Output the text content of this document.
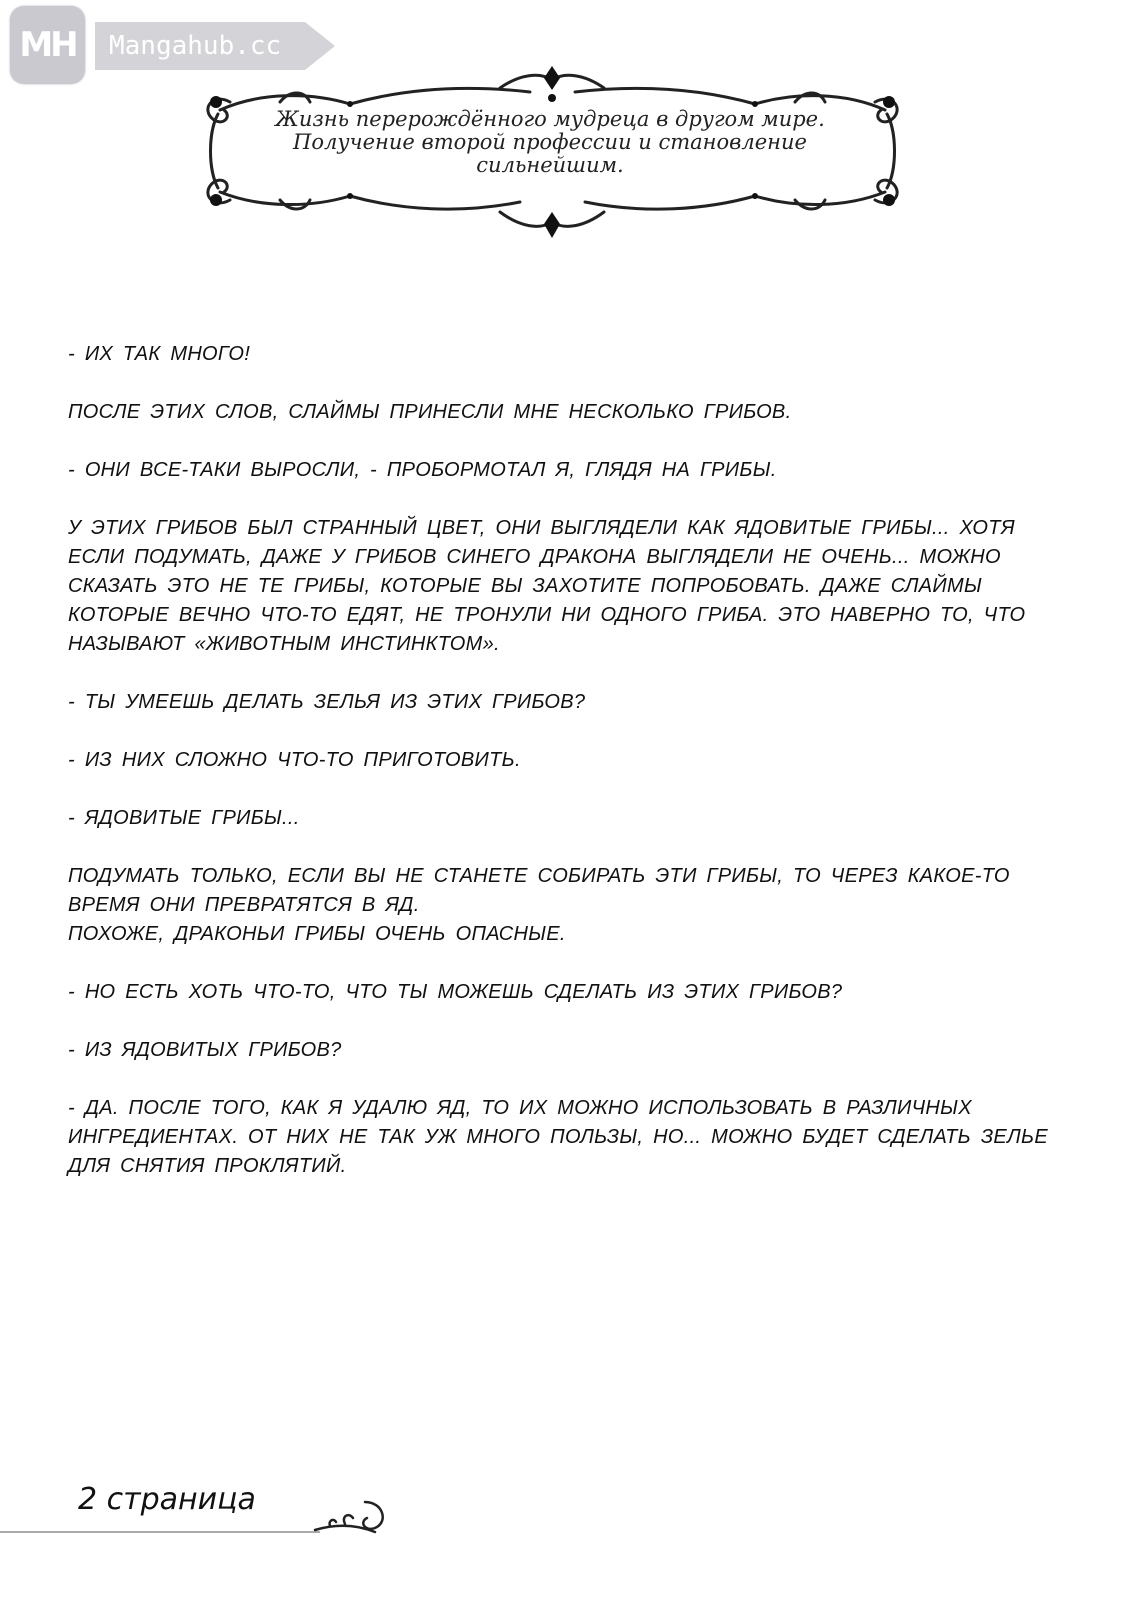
MH	Mangahub.cc
Жизнь перерождённого мудреца в другом мире.
Получение второй профессии и становление
сильнейшим.

- ИХ ТАК МНОГО!

ПОСЛЕ ЭТИХ СЛОВ, СЛАЙМЫ ПРИНЕСЛИ МНЕ НЕСКОЛЬКО ГРИБОВ.

- ОНИ ВСЕ-ТАКИ ВЫРОСЛИ, - ПРОБОРМОТАЛ Я, ГЛЯДЯ НА ГРИБЫ.

У ЭТИХ ГРИБОВ БЫЛ СТРАННЫЙ ЦВЕТ, ОНИ ВЫГЛЯДЕЛИ КАК ЯДОВИТЫЕ ГРИБЫ... ХОТЯ ЕСЛИ ПОДУМАТЬ, ДАЖЕ У ГРИБОВ СИНЕГО ДРАКОНА ВЫГЛЯДЕЛИ НЕ ОЧЕНЬ... МОЖНО СКАЗАТЬ ЭТО НЕ ТЕ ГРИБЫ, КОТОРЫЕ ВЫ ЗАХОТИТЕ ПОПРОБОВАТЬ. ДАЖЕ СЛАЙМЫ КОТОРЫЕ ВЕЧНО ЧТО-ТО ЕДЯТ, НЕ ТРОНУЛИ НИ ОДНОГО ГРИБА. ЭТО НАВЕРНО ТО, ЧТО НАЗЫВАЮТ «ЖИВОТНЫМ ИНСТИНКТОМ».

- ТЫ УМЕЕШЬ ДЕЛАТЬ ЗЕЛЬЯ ИЗ ЭТИХ ГРИБОВ?

- ИЗ НИХ СЛОЖНО ЧТО-ТО ПРИГОТОВИТЬ.

- ЯДОВИТЫЕ ГРИБЫ...

ПОДУМАТЬ ТОЛЬКО, ЕСЛИ ВЫ НЕ СТАНЕТЕ СОБИРАТЬ ЭТИ ГРИБЫ, ТО ЧЕРЕЗ КАКОЕ-ТО ВРЕМЯ ОНИ ПРЕВРАТЯТСЯ В ЯД.
ПОХОЖЕ, ДРАКОНЬИ ГРИБЫ ОЧЕНЬ ОПАСНЫЕ.

- НО ЕСТЬ ХОТЬ ЧТО-ТО, ЧТО ТЫ МОЖЕШЬ СДЕЛАТЬ ИЗ ЭТИХ ГРИБОВ?

- ИЗ ЯДОВИТЫХ ГРИБОВ?

- ДА. ПОСЛЕ ТОГО, КАК Я УДАЛЮ ЯД, ТО ИХ МОЖНО ИСПОЛЬЗОВАТЬ В РАЗЛИЧНЫХ ИНГРЕДИЕНТАХ. ОТ НИХ НЕ ТАК УЖ МНОГО ПОЛЬЗЫ, НО... МОЖНО БУДЕТ СДЕЛАТЬ ЗЕЛЬЕ ДЛЯ СНЯТИЯ ПРОКЛЯТИЙ.

2 страница
